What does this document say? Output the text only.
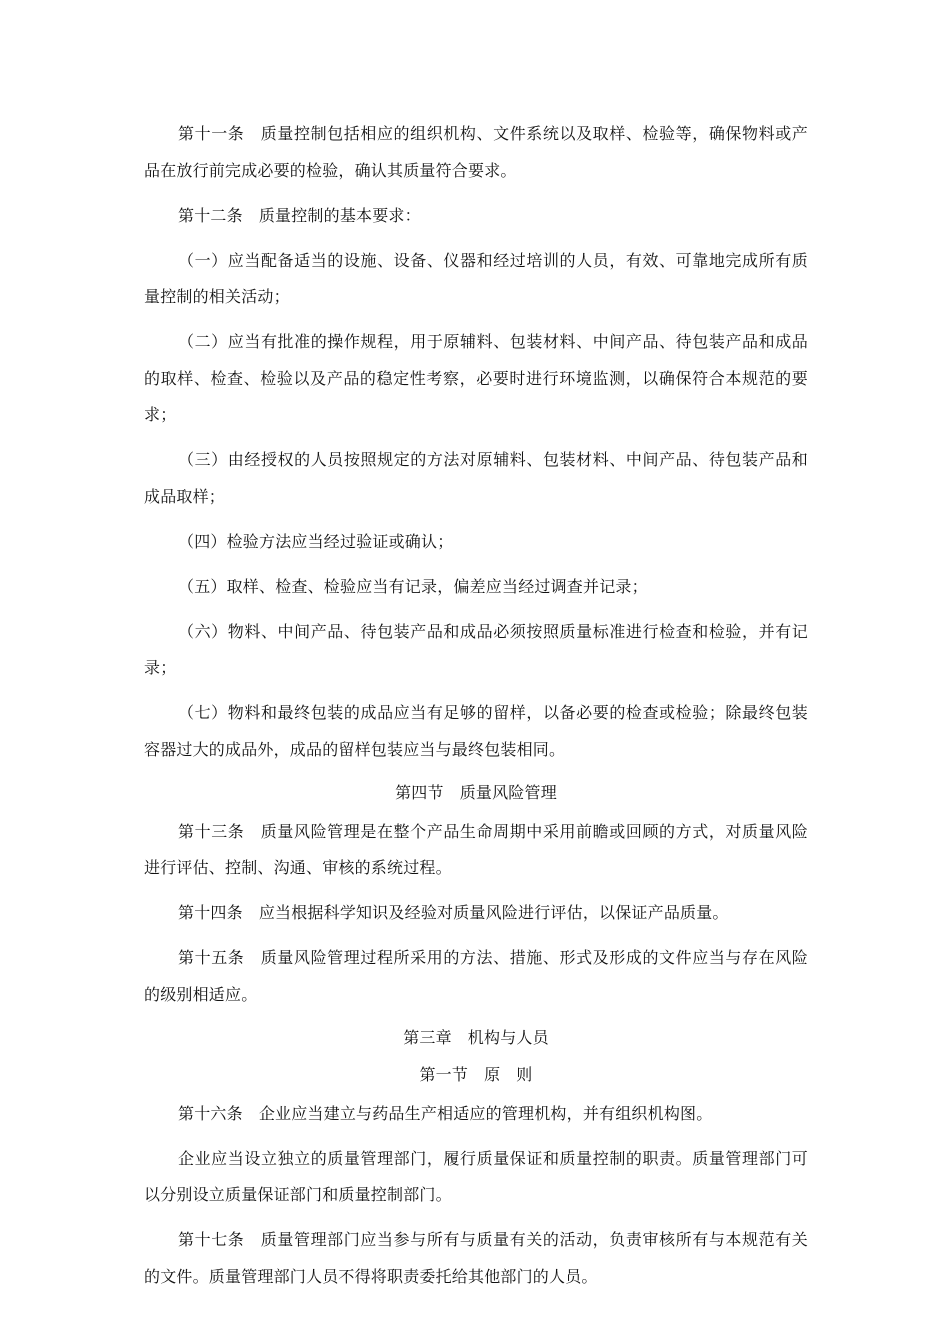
第十一条 质量控制包括相应的组织机构、文件系统以及取样、检验等，确保物料或产品在放行前完成必要的检验，确认其质量符合要求。

第十二条 质量控制的基本要求：

（一）应当配备适当的设施、设备、仪器和经过培训的人员，有效、可靠地完成所有质量控制的相关活动；

（二）应当有批准的操作规程，用于原辅料、包装材料、中间产品、待包装产品和成品的取样、检查、检验以及产品的稳定性考察，必要时进行环境监测，以确保符合本规范的要求；

（三）由经授权的人员按照规定的方法对原辅料、包装材料、中间产品、待包装产品和成品取样；

（四）检验方法应当经过验证或确认；

（五）取样、检查、检验应当有记录，偏差应当经过调查并记录；

（六）物料、中间产品、待包装产品和成品必须按照质量标准进行检查和检验，并有记录；

（七）物料和最终包装的成品应当有足够的留样，以备必要的检查或检验；除最终包装容器过大的成品外，成品的留样包装应当与最终包装相同。

第四节 质量风险管理

第十三条 质量风险管理是在整个产品生命周期中采用前瞻或回顾的方式，对质量风险进行评估、控制、沟通、审核的系统过程。

第十四条 应当根据科学知识及经验对质量风险进行评估，以保证产品质量。

第十五条 质量风险管理过程所采用的方法、措施、形式及形成的文件应当与存在风险的级别相适应。

第三章 机构与人员

第一节 原 则

第十六条 企业应当建立与药品生产相适应的管理机构，并有组织机构图。

企业应当设立独立的质量管理部门，履行质量保证和质量控制的职责。质量管理部门可以分别设立质量保证部门和质量控制部门。

第十七条 质量管理部门应当参与所有与质量有关的活动，负责审核所有与本规范有关的文件。质量管理部门人员不得将职责委托给其他部门的人员。
